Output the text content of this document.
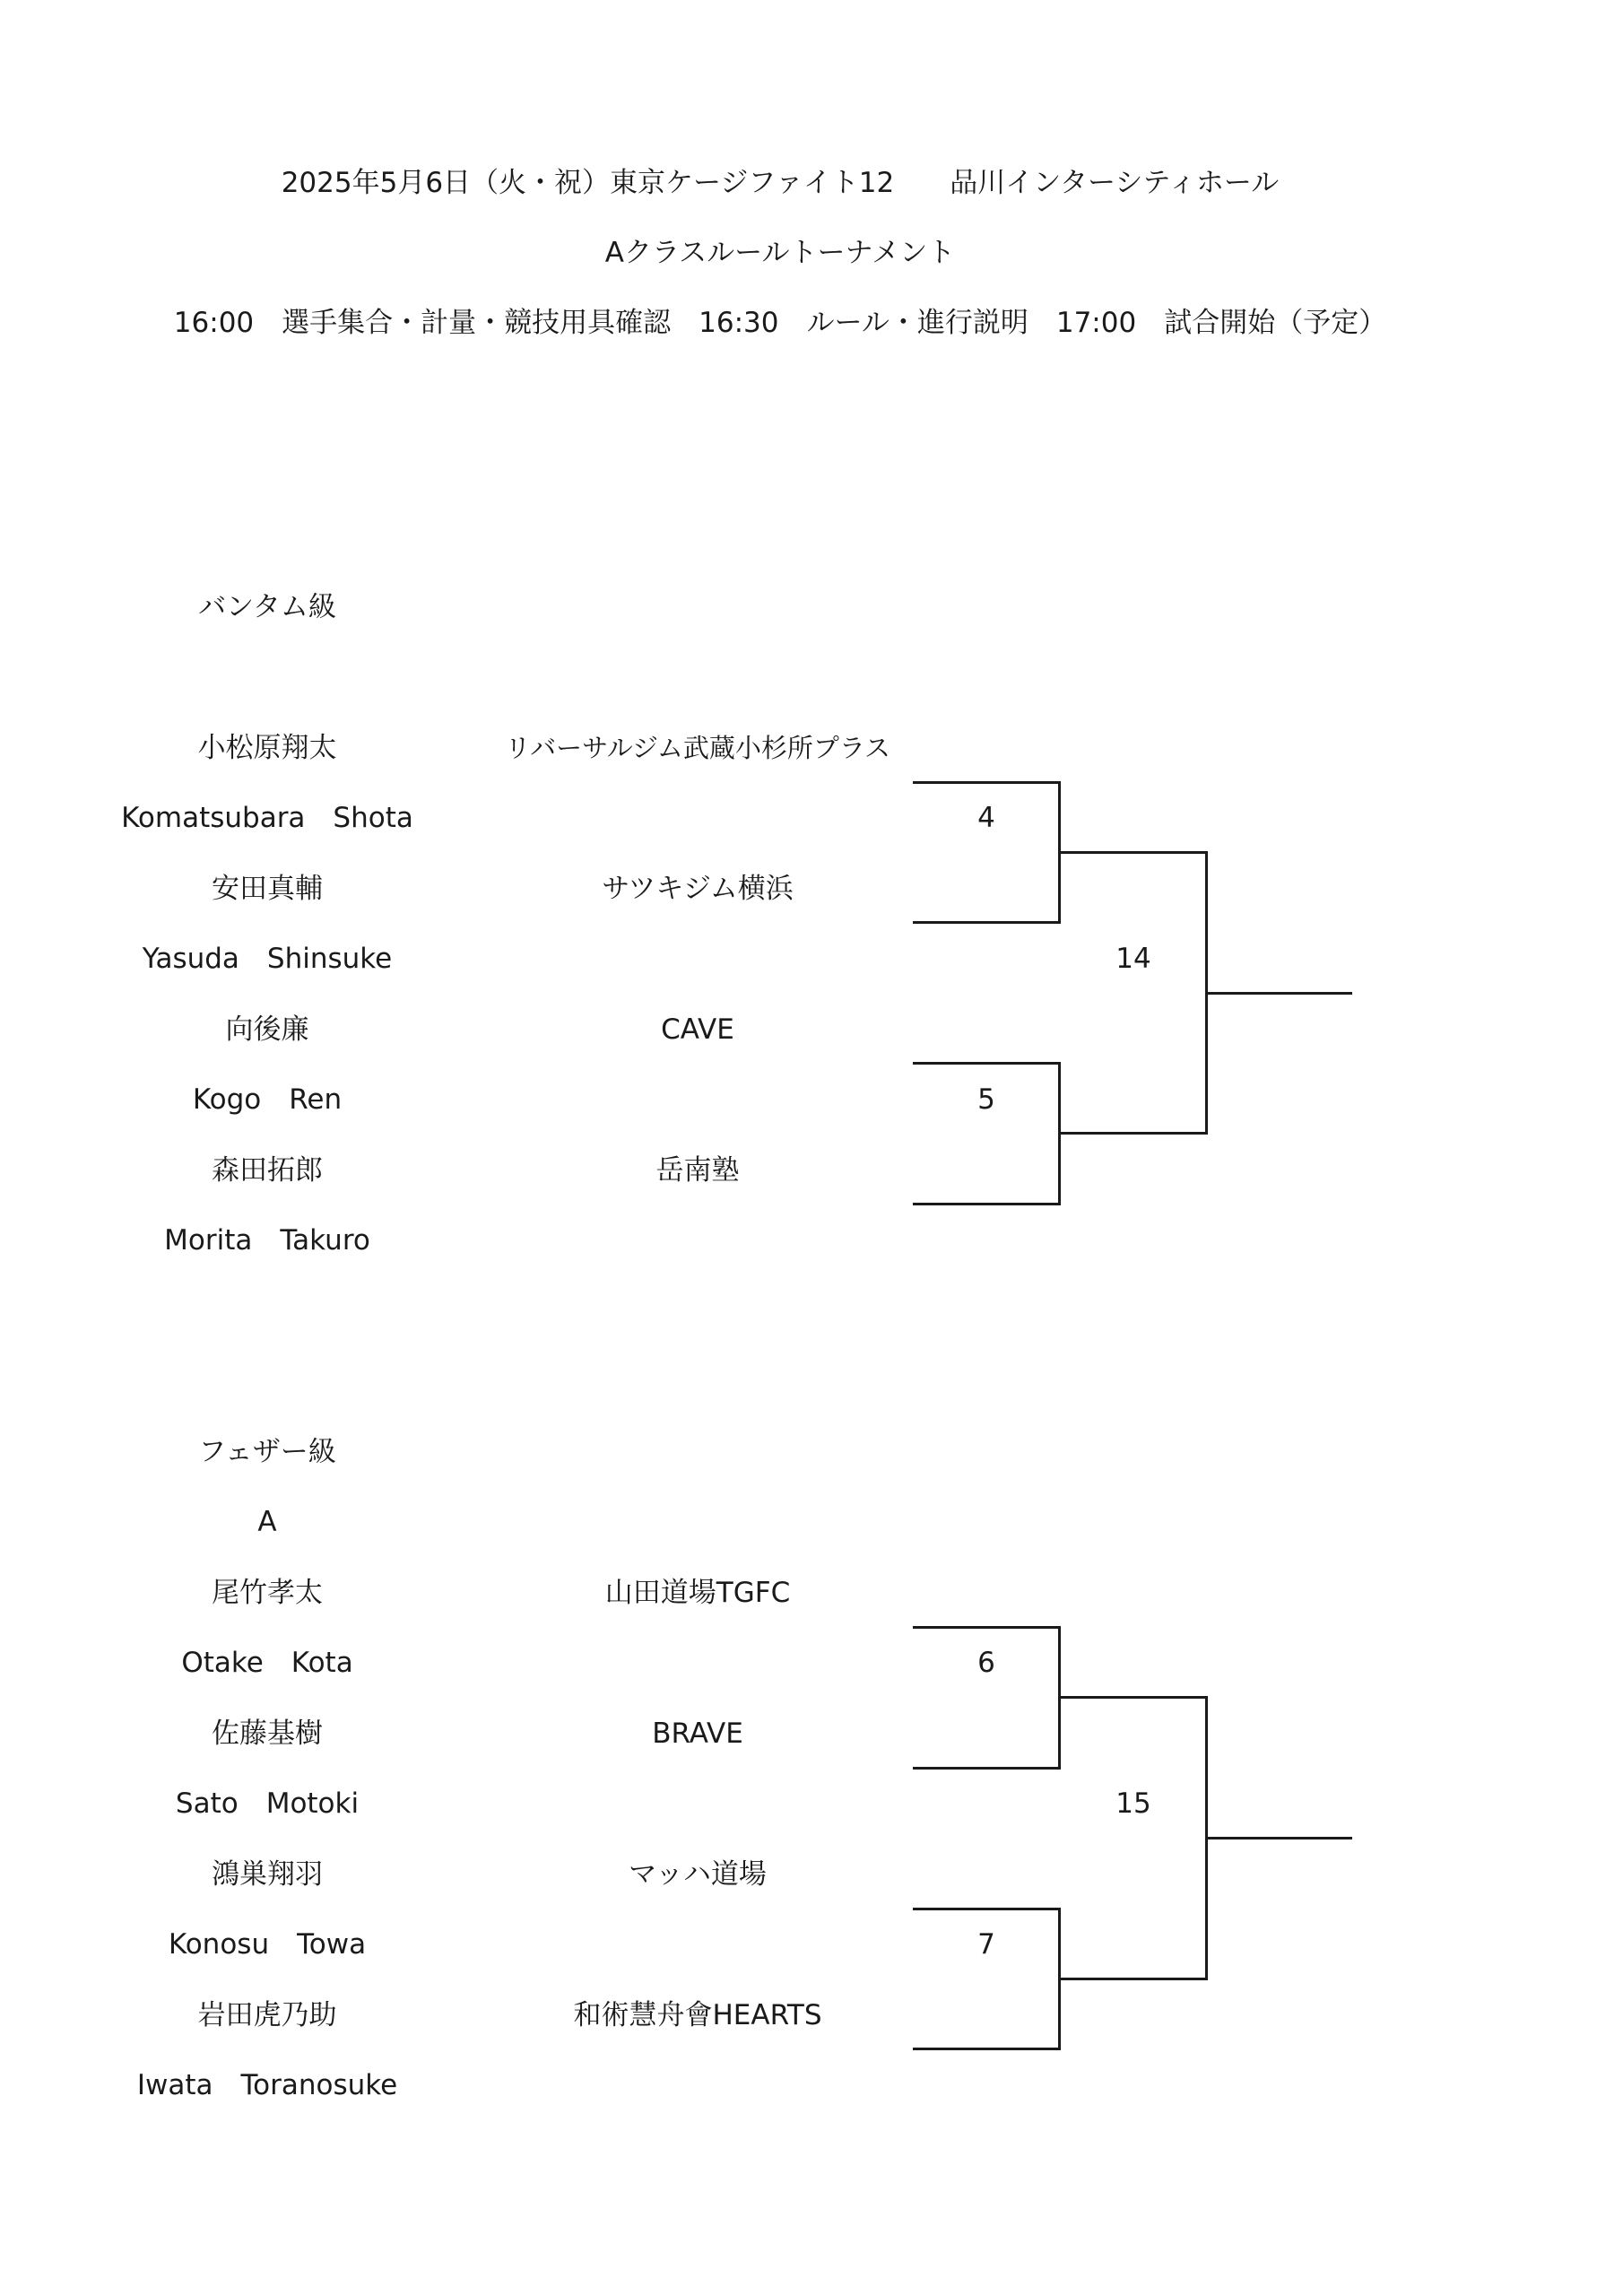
2025年5月6日（火・祝）東京ケージファイト12　　品川インターシティホール
Aクラスルールトーナメント
16:00　選手集合・計量・競技用具確認　16:30　ルール・進行説明　17:00　試合開始（予定）
バンタム級
小松原翔太
Komatsubara　Shota
リバーサルジム武蔵小杉所プラス
安田真輔
Yasuda　Shinsuke
サツキジム横浜
向後廉
Kogo　Ren
CAVE
森田拓郎
Morita　Takuro
岳南塾
4
5
14
フェザー級
A
尾竹孝太
Otake　Kota
山田道場TGFC
佐藤基樹
Sato　Motoki
BRAVE
鴻巣翔羽
Konosu　Towa
マッハ道場
岩田虎乃助
Iwata　Toranosuke
和術慧舟會HEARTS
6
7
15
